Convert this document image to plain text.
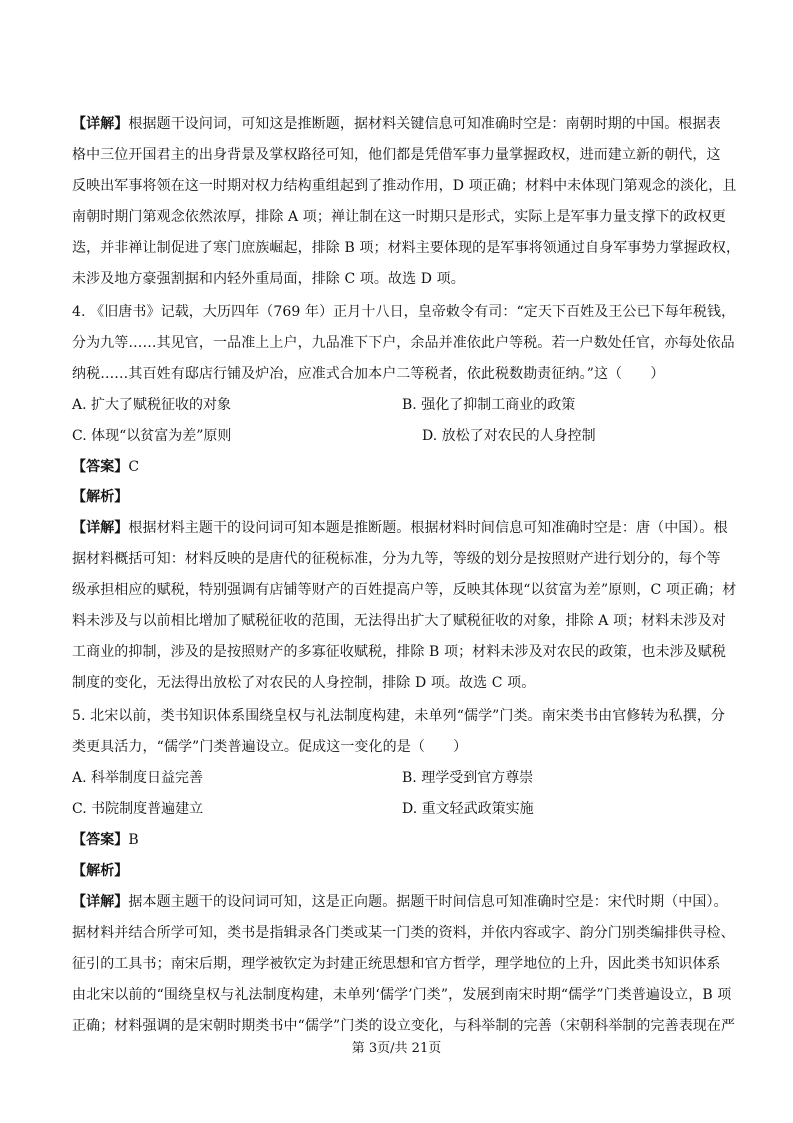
【详解】根据题干设问词，可知这是推断题，据材料关键信息可知准确时空是：南朝时期的中国。根据表
格中三位开国君主的出身背景及掌权路径可知，他们都是凭借军事力量掌握政权，进而建立新的朝代，这
反映出军事将领在这一时期对权力结构重组起到了推动作用，D 项正确；材料中未体现门第观念的淡化，且
南朝时期门第观念依然浓厚，排除 A 项；禅让制在这一时期只是形式，实际上是军事力量支撑下的政权更
迭，并非禅让制促进了寒门庶族崛起，排除 B 项；材料主要体现的是军事将领通过自身军事势力掌握政权，
未涉及地方豪强割据和内轻外重局面，排除 C 项。故选 D 项。
4. 《旧唐书》记载，大历四年（769 年）正月十八日，皇帝敕令有司：“定天下百姓及王公已下每年税钱，
分为九等……其见官，一品准上上户，九品准下下户，余品并准依此户等税。若一户数处任官，亦每处依品
纳税……其百姓有邸店行铺及炉冶，应准式合加本户二等税者，依此税数勘责征纳。”这（　　）
A. 扩大了赋税征收的对象	B. 强化了抑制工商业的政策
C. 体现“以贫富为差”原则	D. 放松了对农民的人身控制
【答案】C
【解析】
【详解】根据材料主题干的设问词可知本题是推断题。根据材料时间信息可知准确时空是：唐（中国）。根
据材料概括可知：材料反映的是唐代的征税标准，分为九等，等级的划分是按照财产进行划分的，每个等
级承担相应的赋税，特别强调有店铺等财产的百姓提高户等，反映其体现“以贫富为差”原则，C 项正确；材
料未涉及与以前相比增加了赋税征收的范围，无法得出扩大了赋税征收的对象，排除 A 项；材料未涉及对
工商业的抑制，涉及的是按照财产的多寡征收赋税，排除 B 项；材料未涉及对农民的政策，也未涉及赋税
制度的变化，无法得出放松了对农民的人身控制，排除 D 项。故选 C 项。
5. 北宋以前，类书知识体系围绕皇权与礼法制度构建，未单列“儒学”门类。南宋类书由官修转为私撰，分
类更具活力，“儒学”门类普遍设立。促成这一变化的是（　　）
A. 科举制度日益完善	B. 理学受到官方尊崇
C. 书院制度普遍建立	D. 重文轻武政策实施
【答案】B
【解析】
【详解】据本题主题干的设问词可知，这是正向题。据题干时间信息可知准确时空是：宋代时期（中国）。
据材料并结合所学可知，类书是指辑录各门类或某一门类的资料，并依内容或字、韵分门别类编排供寻检、
征引的工具书；南宋后期，理学被钦定为封建正统思想和官方哲学，理学地位的上升，因此类书知识体系
由北宋以前的“围绕皇权与礼法制度构建，未单列‘儒学’门类”，发展到南宋时期“儒学”门类普遍设立，B 项
正确；材料强调的是宋朝时期类书中“儒学”门类的设立变化，与科举制的完善（宋朝科举制的完善表现在严
第 3页/共 21页
